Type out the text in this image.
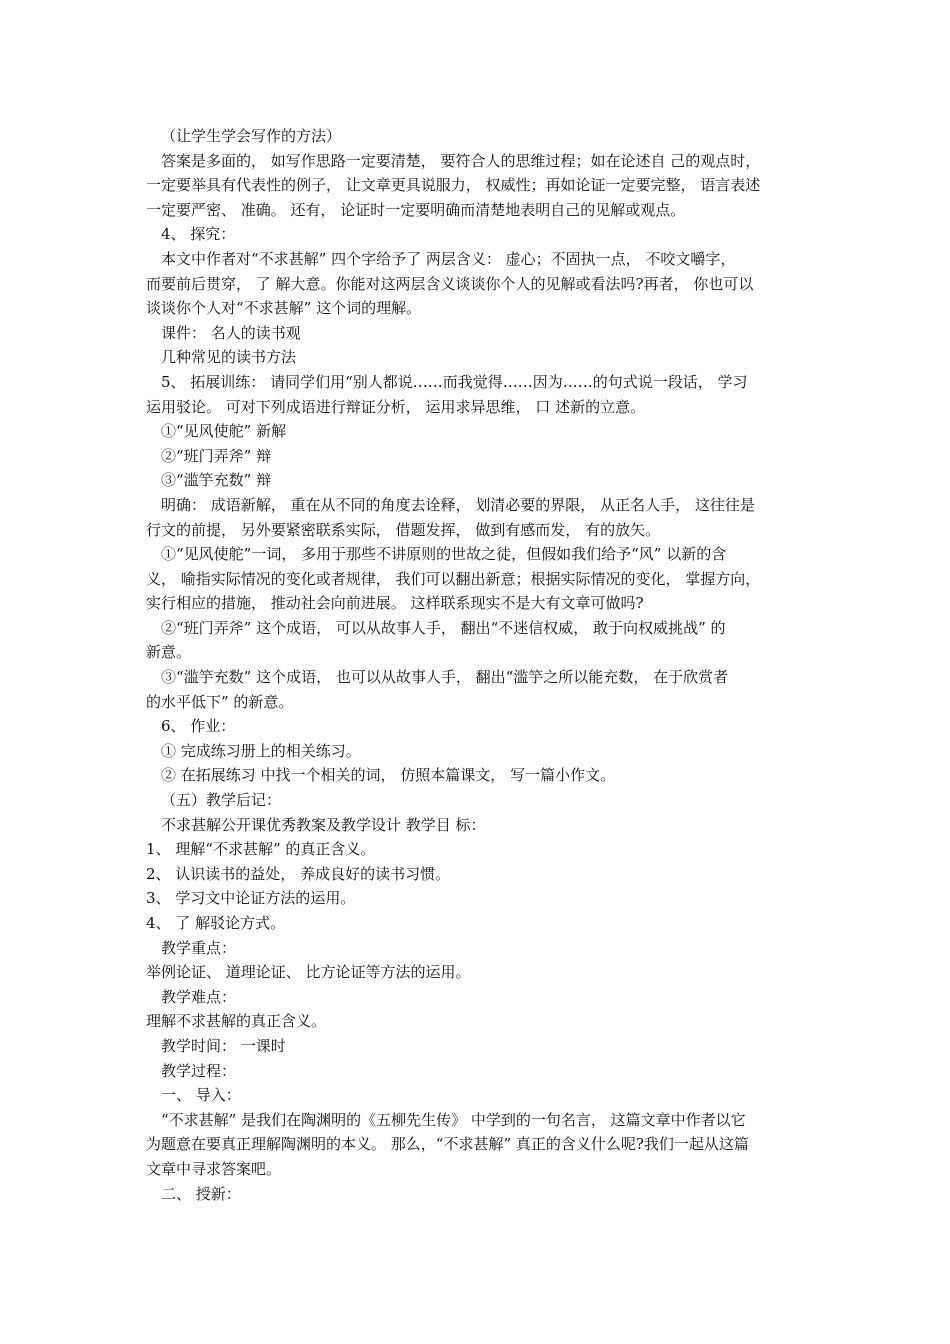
（让学生学会写作的方法）
答案是多面的， 如写作思路一定要清楚， 要符合人的思维过程；如在论述自 己的观点时，
一定要举具有代表性的例子， 让文章更具说服力， 权威性；再如论证一定要完整， 语言表述
一定要严密、 准确。 还有， 论证时一定要明确而清楚地表明自己的见解或观点。
4、 探究：
本文中作者对“不求甚解” 四个字给予了 两层含义： 虚心；不固执一点， 不咬文嚼字，
而要前后贯穿， 了 解大意。你能对这两层含义谈谈你个人的见解或看法吗?再者， 你也可以
谈谈你个人对“不求甚解” 这个词的理解。
课件： 名人的读书观
几种常见的读书方法
5、 拓展训练： 请同学们用“别人都说……而我觉得……因为……的句式说一段话， 学习
运用驳论。 可对下列成语进行辩证分析， 运用求异思维， 口 述新的立意。
①“见风使舵” 新解
②“班门弄斧” 辩
③“滥竽充数” 辩
明确： 成语新解， 重在从不同的角度去诠释， 划清必要的界限， 从正名人手， 这往往是
行文的前提， 另外要紧密联系实际， 借题发挥， 做到有感而发， 有的放矢。
①“见风使舵”一词， 多用于那些不讲原则的世故之徒，但假如我们给予“风” 以新的含
义， 喻指实际情况的变化或者规律， 我们可以翻出新意；根据实际情况的变化， 掌握方向，
实行相应的措施， 推动社会向前进展。 这样联系现实不是大有文章可做吗?
②“班门弄斧” 这个成语， 可以从故事人手， 翻出“不迷信权威， 敢于向权威挑战” 的
新意。
③“滥竽充数” 这个成语， 也可以从故事人手， 翻出“滥竽之所以能充数， 在于欣赏者
的水平低下” 的新意。
6、 作业：
① 完成练习册上的相关练习。
② 在拓展练习 中找一个相关的词， 仿照本篇课文， 写一篇小作文。
（五）教学后记：
不求甚解公开课优秀教案及教学设计 教学目 标：
1、 理解“不求甚解” 的真正含义。
2、 认识读书的益处， 养成良好的读书习惯。
3、 学习文中论证方法的运用。
4、 了 解驳论方式。
教学重点：
举例论证、 道理论证、 比方论证等方法的运用。
教学难点：
理解不求甚解的真正含义。
教学时间： 一课时
教学过程：
一、 导入：
“不求甚解” 是我们在陶渊明的《五柳先生传》 中学到的一句名言， 这篇文章中作者以它
为题意在要真正理解陶渊明的本义。 那么，“不求甚解” 真正的含义什么呢?我们一起从这篇
文章中寻求答案吧。
二、 授新：
